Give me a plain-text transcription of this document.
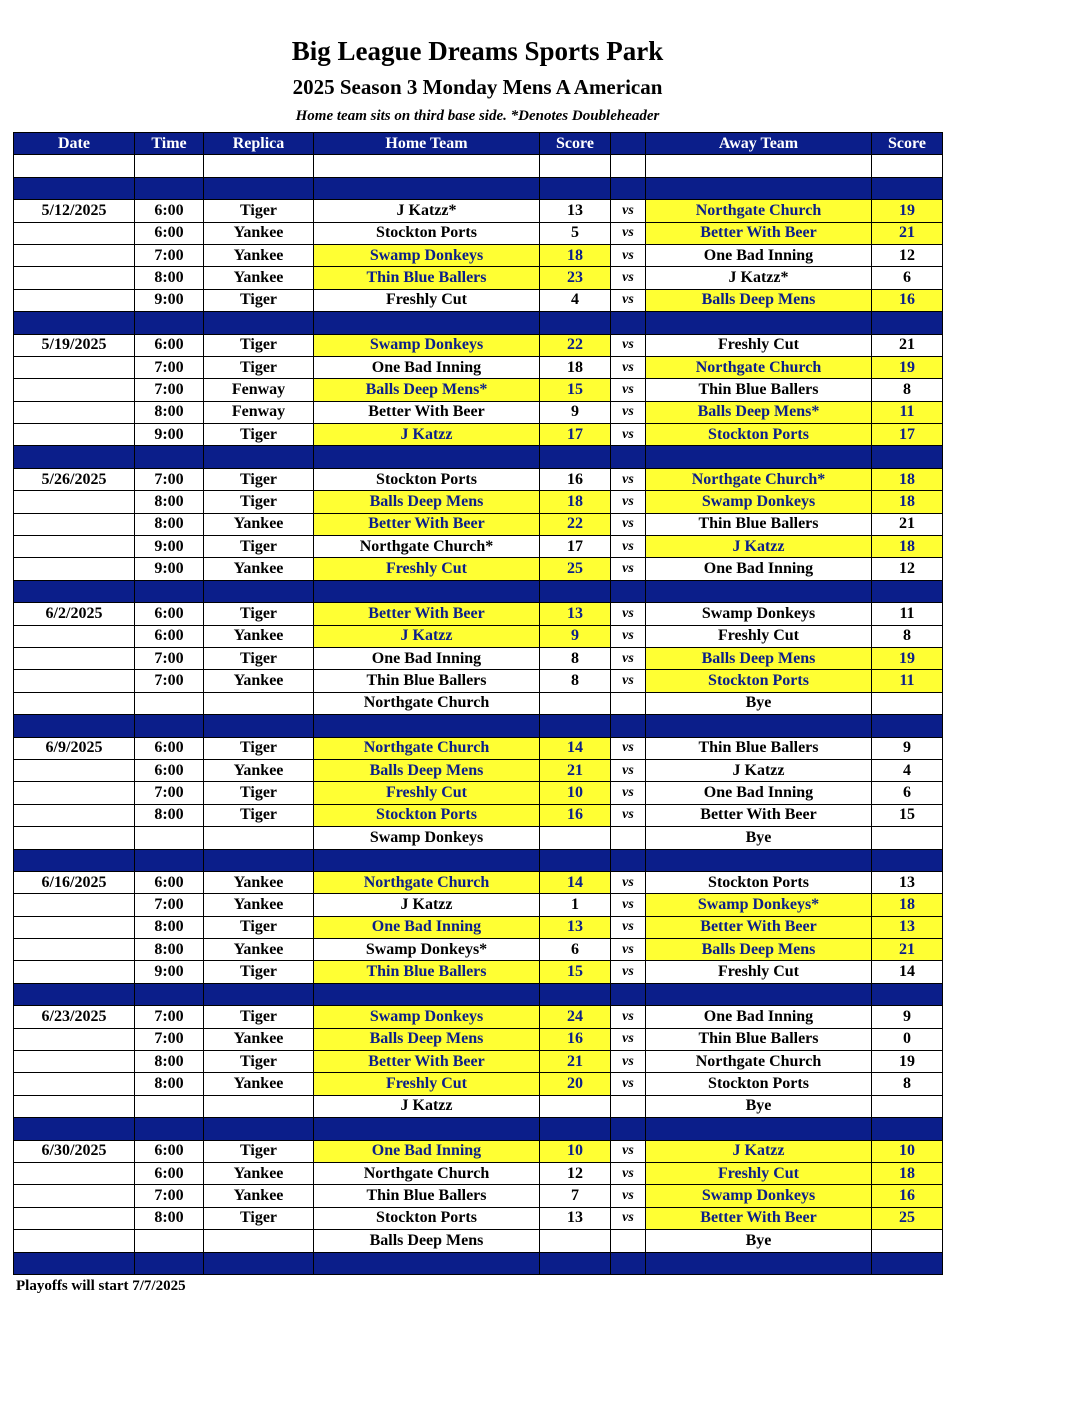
Big League Dreams Sports Park
2025 Season 3 Monday Mens A American
Home team sits on third base side. *Denotes Doubleheader
Date	Time	Replica	Home Team	Score		Away Team	Score

5/12/2025	6:00	Tiger	J Katzz*	13	vs	Northgate Church	19
	6:00	Yankee	Stockton Ports	5	vs	Better With Beer	21
	7:00	Yankee	Swamp Donkeys	18	vs	One Bad Inning	12
	8:00	Yankee	Thin Blue Ballers	23	vs	J Katzz*	6
	9:00	Tiger	Freshly Cut	4	vs	Balls Deep Mens	16

5/19/2025	6:00	Tiger	Swamp Donkeys	22	vs	Freshly Cut	21
	7:00	Tiger	One Bad Inning	18	vs	Northgate Church	19
	7:00	Fenway	Balls Deep Mens*	15	vs	Thin Blue Ballers	8
	8:00	Fenway	Better With Beer	9	vs	Balls Deep Mens*	11
	9:00	Tiger	J Katzz	17	vs	Stockton Ports	17

5/26/2025	7:00	Tiger	Stockton Ports	16	vs	Northgate Church*	18
	8:00	Tiger	Balls Deep Mens	18	vs	Swamp Donkeys	18
	8:00	Yankee	Better With Beer	22	vs	Thin Blue Ballers	21
	9:00	Tiger	Northgate Church*	17	vs	J Katzz	18
	9:00	Yankee	Freshly Cut	25	vs	One Bad Inning	12

6/2/2025	6:00	Tiger	Better With Beer	13	vs	Swamp Donkeys	11
	6:00	Yankee	J Katzz	9	vs	Freshly Cut	8
	7:00	Tiger	One Bad Inning	8	vs	Balls Deep Mens	19
	7:00	Yankee	Thin Blue Ballers	8	vs	Stockton Ports	11
			Northgate Church			Bye	

6/9/2025	6:00	Tiger	Northgate Church	14	vs	Thin Blue Ballers	9
	6:00	Yankee	Balls Deep Mens	21	vs	J Katzz	4
	7:00	Tiger	Freshly Cut	10	vs	One Bad Inning	6
	8:00	Tiger	Stockton Ports	16	vs	Better With Beer	15
			Swamp Donkeys			Bye	

6/16/2025	6:00	Yankee	Northgate Church	14	vs	Stockton Ports	13
	7:00	Yankee	J Katzz	1	vs	Swamp Donkeys*	18
	8:00	Tiger	One Bad Inning	13	vs	Better With Beer	13
	8:00	Yankee	Swamp Donkeys*	6	vs	Balls Deep Mens	21
	9:00	Tiger	Thin Blue Ballers	15	vs	Freshly Cut	14

6/23/2025	7:00	Tiger	Swamp Donkeys	24	vs	One Bad Inning	9
	7:00	Yankee	Balls Deep Mens	16	vs	Thin Blue Ballers	0
	8:00	Tiger	Better With Beer	21	vs	Northgate Church	19
	8:00	Yankee	Freshly Cut	20	vs	Stockton Ports	8
			J Katzz			Bye	

6/30/2025	6:00	Tiger	One Bad Inning	10	vs	J Katzz	10
	6:00	Yankee	Northgate Church	12	vs	Freshly Cut	18
	7:00	Yankee	Thin Blue Ballers	7	vs	Swamp Donkeys	16
	8:00	Tiger	Stockton Ports	13	vs	Better With Beer	25
			Balls Deep Mens			Bye	

Playoffs will start 7/7/2025
